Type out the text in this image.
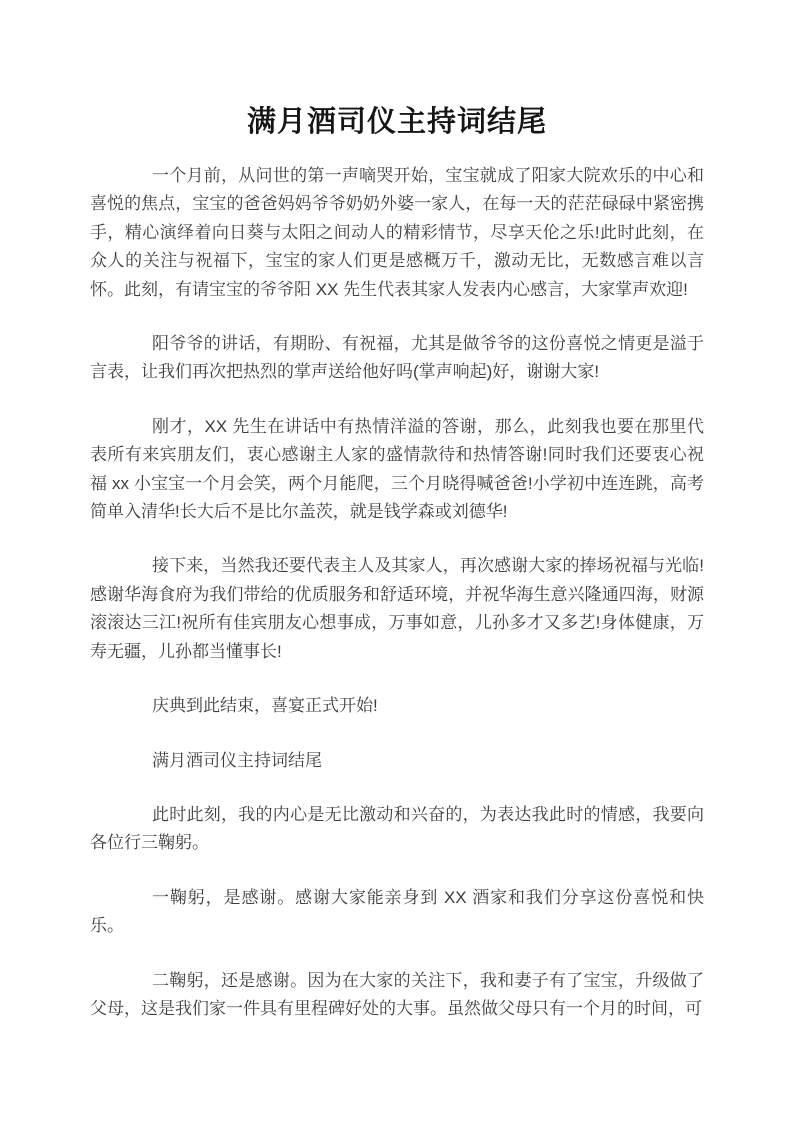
满月酒司仪主持词结尾

一个月前，从问世的第一声嘀哭开始，宝宝就成了阳家大院欢乐的中心和喜悦的焦点，宝宝的爸爸妈妈爷爷奶奶外婆一家人，在每一天的茫茫碌碌中紧密携手，精心演绎着向日葵与太阳之间动人的精彩情节，尽享天伦之乐!此时此刻，在众人的关注与祝福下，宝宝的家人们更是感概万千，激动无比，无数感言难以言怀。此刻，有请宝宝的爷爷阳 XX 先生代表其家人发表内心感言，大家掌声欢迎!

阳爷爷的讲话，有期盼、有祝福，尤其是做爷爷的这份喜悦之情更是溢于言表，让我们再次把热烈的掌声送给他好吗(掌声响起)好，谢谢大家!

刚才，XX 先生在讲话中有热情洋溢的答谢，那么，此刻我也要在那里代表所有来宾朋友们，衷心感谢主人家的盛情款待和热情答谢!同时我们还要衷心祝福 xx 小宝宝一个月会笑，两个月能爬，三个月晓得喊爸爸!小学初中连连跳，高考简单入清华!长大后不是比尔盖茨，就是钱学森或刘德华!

接下来，当然我还要代表主人及其家人，再次感谢大家的捧场祝福与光临!感谢华海食府为我们带给的优质服务和舒适环境，并祝华海生意兴隆通四海，财源滚滚达三江!祝所有佳宾朋友心想事成，万事如意，儿孙多才又多艺!身体健康，万寿无疆，儿孙都当懂事长!

庆典到此结束，喜宴正式开始!

满月酒司仪主持词结尾

此时此刻，我的内心是无比激动和兴奋的，为表达我此时的情感，我要向各位行三鞠躬。

一鞠躬，是感谢。感谢大家能亲身到 XX 酒家和我们分享这份喜悦和快乐。

二鞠躬，还是感谢。因为在大家的关注下，我和妻子有了宝宝，升级做了父母，这是我们家一件具有里程碑好处的大事。虽然做父母只有一个月的时间，可
